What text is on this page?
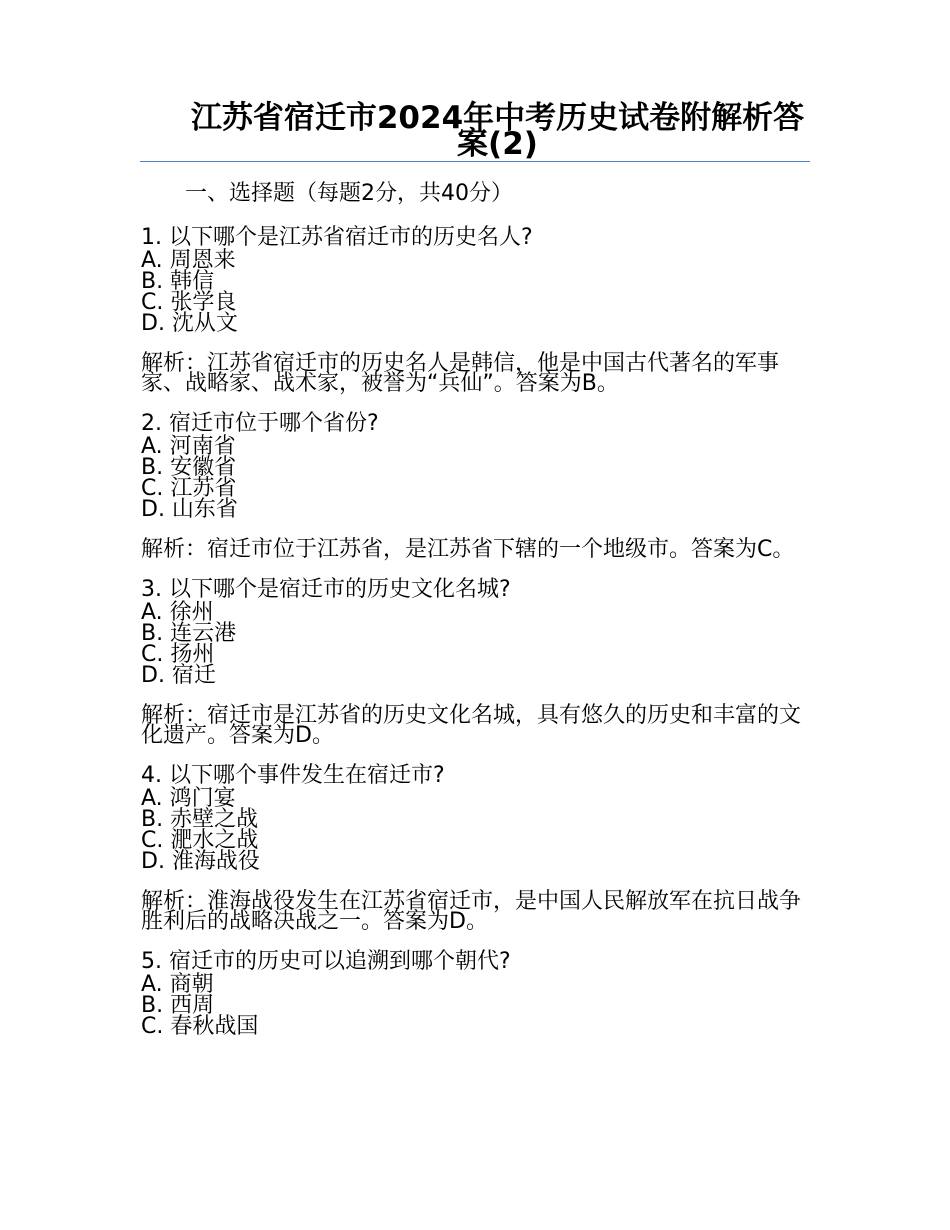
江苏省宿迁市2024年中考历史试卷附解析答案(2)
一、选择题（每题2分，共40分）
1. 以下哪个是江苏省宿迁市的历史名人?
A. 周恩来
B. 韩信
C. 张学良
D. 沈从文
解析：江苏省宿迁市的历史名人是韩信，他是中国古代著名的军事家、战略家、战术家，被誉为“兵仙”。答案为B。
2. 宿迁市位于哪个省份?
A. 河南省
B. 安徽省
C. 江苏省
D. 山东省
解析：宿迁市位于江苏省，是江苏省下辖的一个地级市。答案为C。
3. 以下哪个是宿迁市的历史文化名城?
A. 徐州
B. 连云港
C. 扬州
D. 宿迁
解析：宿迁市是江苏省的历史文化名城，具有悠久的历史和丰富的文化遗产。答案为D。
4. 以下哪个事件发生在宿迁市?
A. 鸿门宴
B. 赤壁之战
C. 淝水之战
D. 淮海战役
解析：淮海战役发生在江苏省宿迁市，是中国人民解放军在抗日战争胜利后的战略决战之一。答案为D。
5. 宿迁市的历史可以追溯到哪个朝代?
A. 商朝
B. 西周
C. 春秋战国
